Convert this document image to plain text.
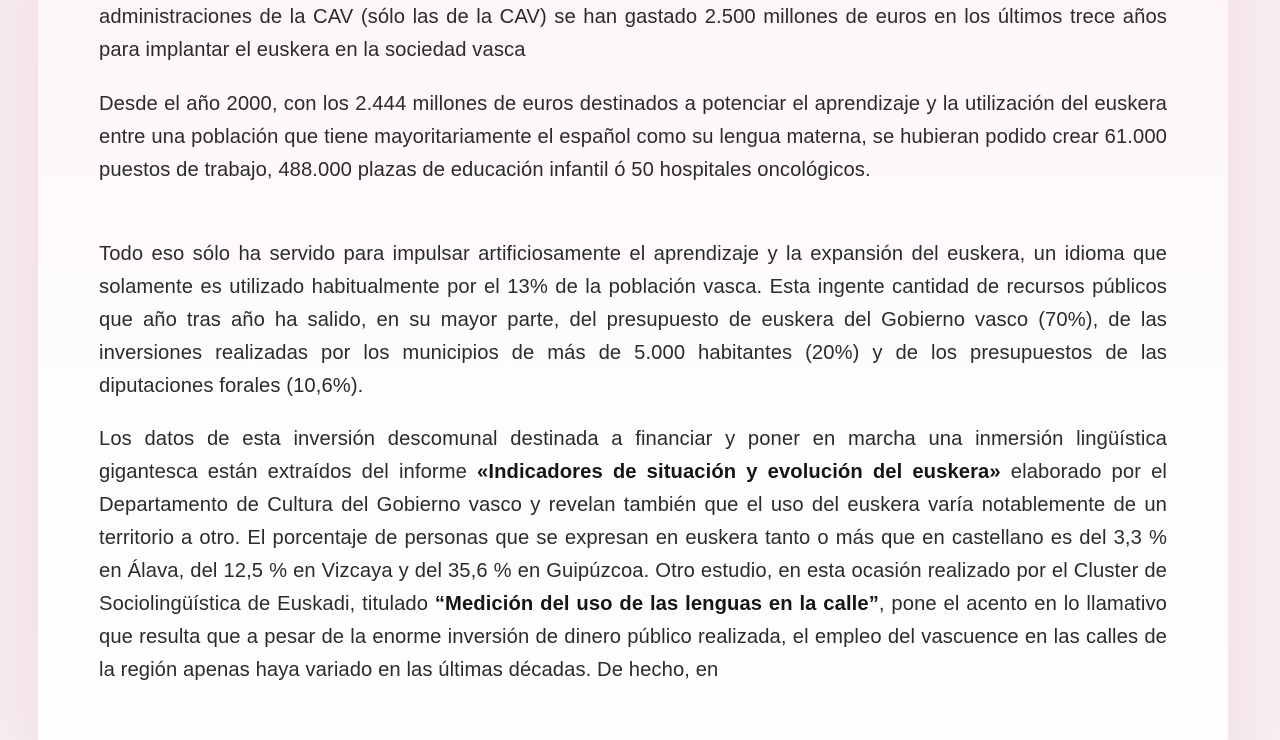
administraciones de la CAV (sólo las de la CAV) se han gastado 2.500 millones de euros en los últimos trece años para implantar el euskera en la sociedad vasca

Desde el año 2000, con los 2.444 millones de euros destinados a potenciar el aprendizaje y la utilización del euskera entre una población que tiene mayoritariamente el español como su lengua materna, se hubieran podido crear 61.000 puestos de trabajo, 488.000 plazas de educación infantil ó 50 hospitales oncológicos.

Todo eso sólo ha servido para impulsar artificiosamente el aprendizaje y la expansión del euskera, un idioma que solamente es utilizado habitualmente por el 13% de la población vasca. Esta ingente cantidad de recursos públicos que año tras año ha salido, en su mayor parte, del presupuesto de euskera del Gobierno vasco (70%), de las inversiones realizadas por los municipios de más de 5.000 habitantes (20%) y de los presupuestos de las diputaciones forales (10,6%).

Los datos de esta inversión descomunal destinada a financiar y poner en marcha una inmersión lingüística gigantesca están extraídos del informe «Indicadores de situación y evolución del euskera» elaborado por el Departamento de Cultura del Gobierno vasco y revelan también que el uso del euskera varía notablemente de un territorio a otro. El porcentaje de personas que se expresan en euskera tanto o más que en castellano es del 3,3 % en Álava, del 12,5 % en Vizcaya y del 35,6 % en Guipúzcoa. Otro estudio, en esta ocasión realizado por el Cluster de Sociolingüística de Euskadi, titulado “Medición del uso de las lenguas en la calle”, pone el acento en lo llamativo que resulta que a pesar de la enorme inversión de dinero público realizada, el empleo del vascuence en las calles de la región apenas haya variado en las últimas décadas. De hecho, en
